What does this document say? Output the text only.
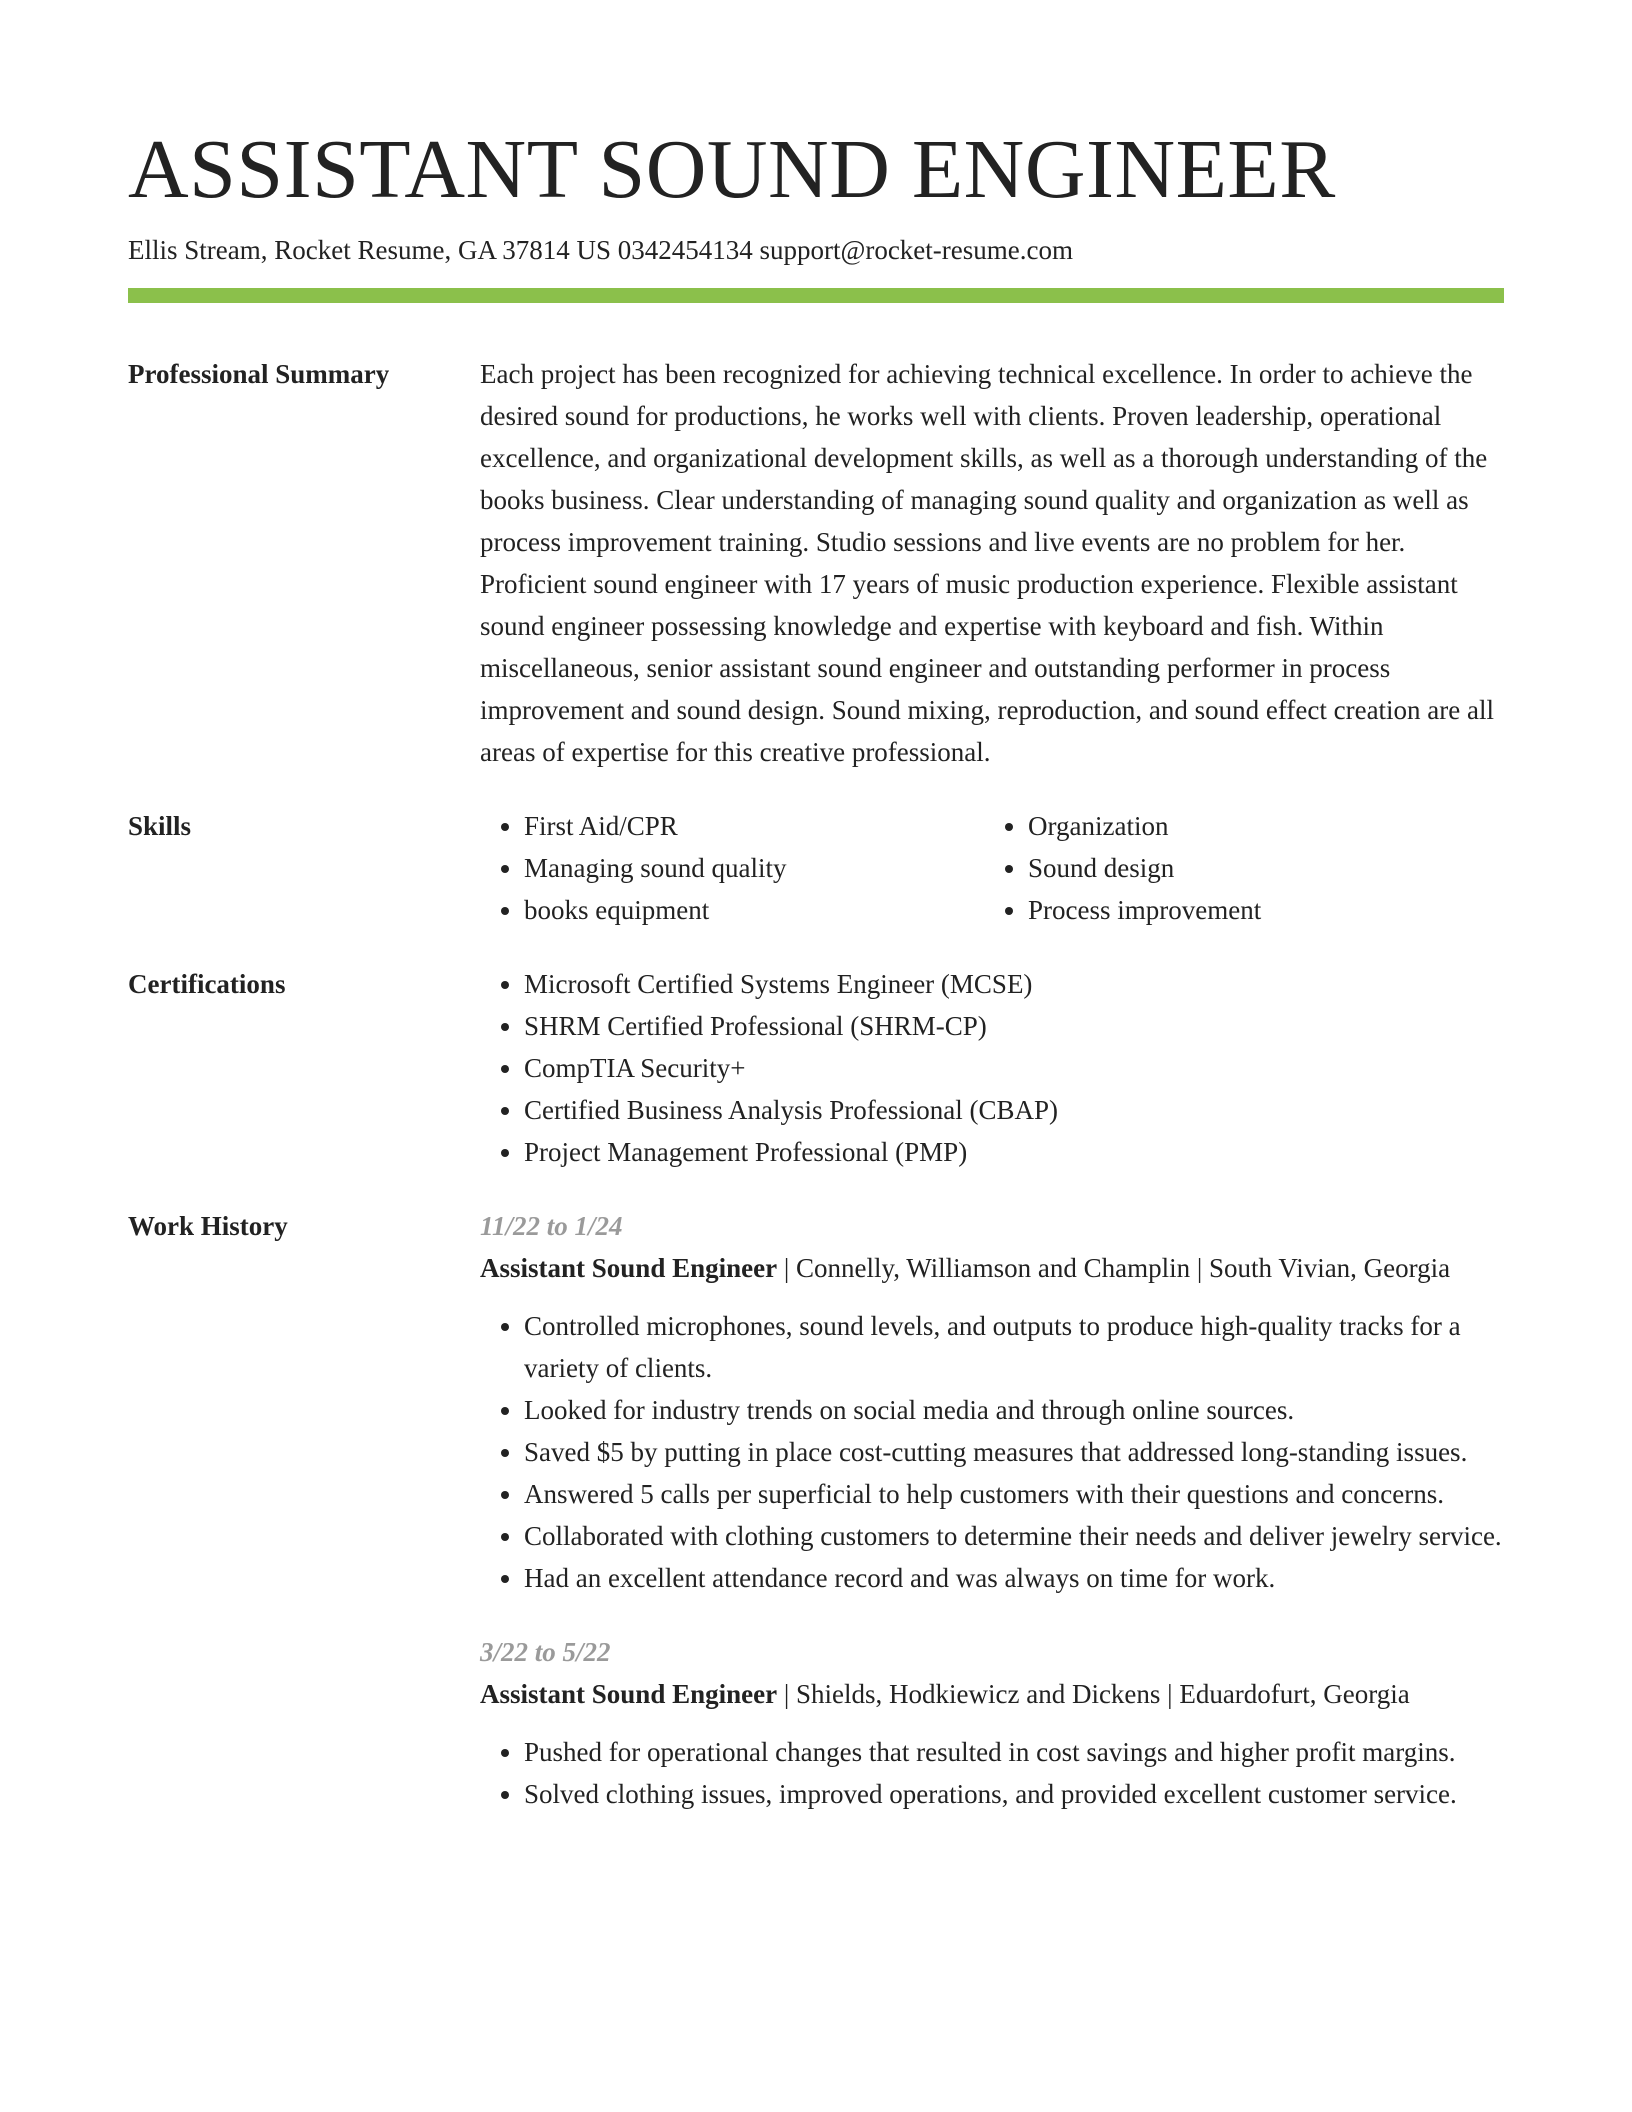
ASSISTANT SOUND ENGINEER
Ellis Stream, Rocket Resume, GA 37814 US 0342454134 support@rocket-resume.com
Professional Summary	Each project has been recognized for achieving technical excellence. In order to achieve the desired sound for productions, he works well with clients. Proven leadership, operational excellence, and organizational development skills, as well as a thorough understanding of the books business. Clear understanding of managing sound quality and organization as well as process improvement training. Studio sessions and live events are no problem for her. Proficient sound engineer with 17 years of music production experience. Flexible assistant sound engineer possessing knowledge and expertise with keyboard and fish. Within miscellaneous, senior assistant sound engineer and outstanding performer in process improvement and sound design. Sound mixing, reproduction, and sound effect creation are all areas of expertise for this creative professional.
Skills	• First Aid/CPR
• Managing sound quality
• books equipment
• Organization
• Sound design
• Process improvement
Certifications	• Microsoft Certified Systems Engineer (MCSE)
• SHRM Certified Professional (SHRM-CP)
• CompTIA Security+
• Certified Business Analysis Professional (CBAP)
• Project Management Professional (PMP)
Work History	11/22 to 1/24
Assistant Sound Engineer | Connelly, Williamson and Champlin | South Vivian, Georgia
• Controlled microphones, sound levels, and outputs to produce high-quality tracks for a variety of clients.
• Looked for industry trends on social media and through online sources.
• Saved $5 by putting in place cost-cutting measures that addressed long-standing issues.
• Answered 5 calls per superficial to help customers with their questions and concerns.
• Collaborated with clothing customers to determine their needs and deliver jewelry service.
• Had an excellent attendance record and was always on time for work.
3/22 to 5/22
Assistant Sound Engineer | Shields, Hodkiewicz and Dickens | Eduardofurt, Georgia
• Pushed for operational changes that resulted in cost savings and higher profit margins.
• Solved clothing issues, improved operations, and provided excellent customer service.
